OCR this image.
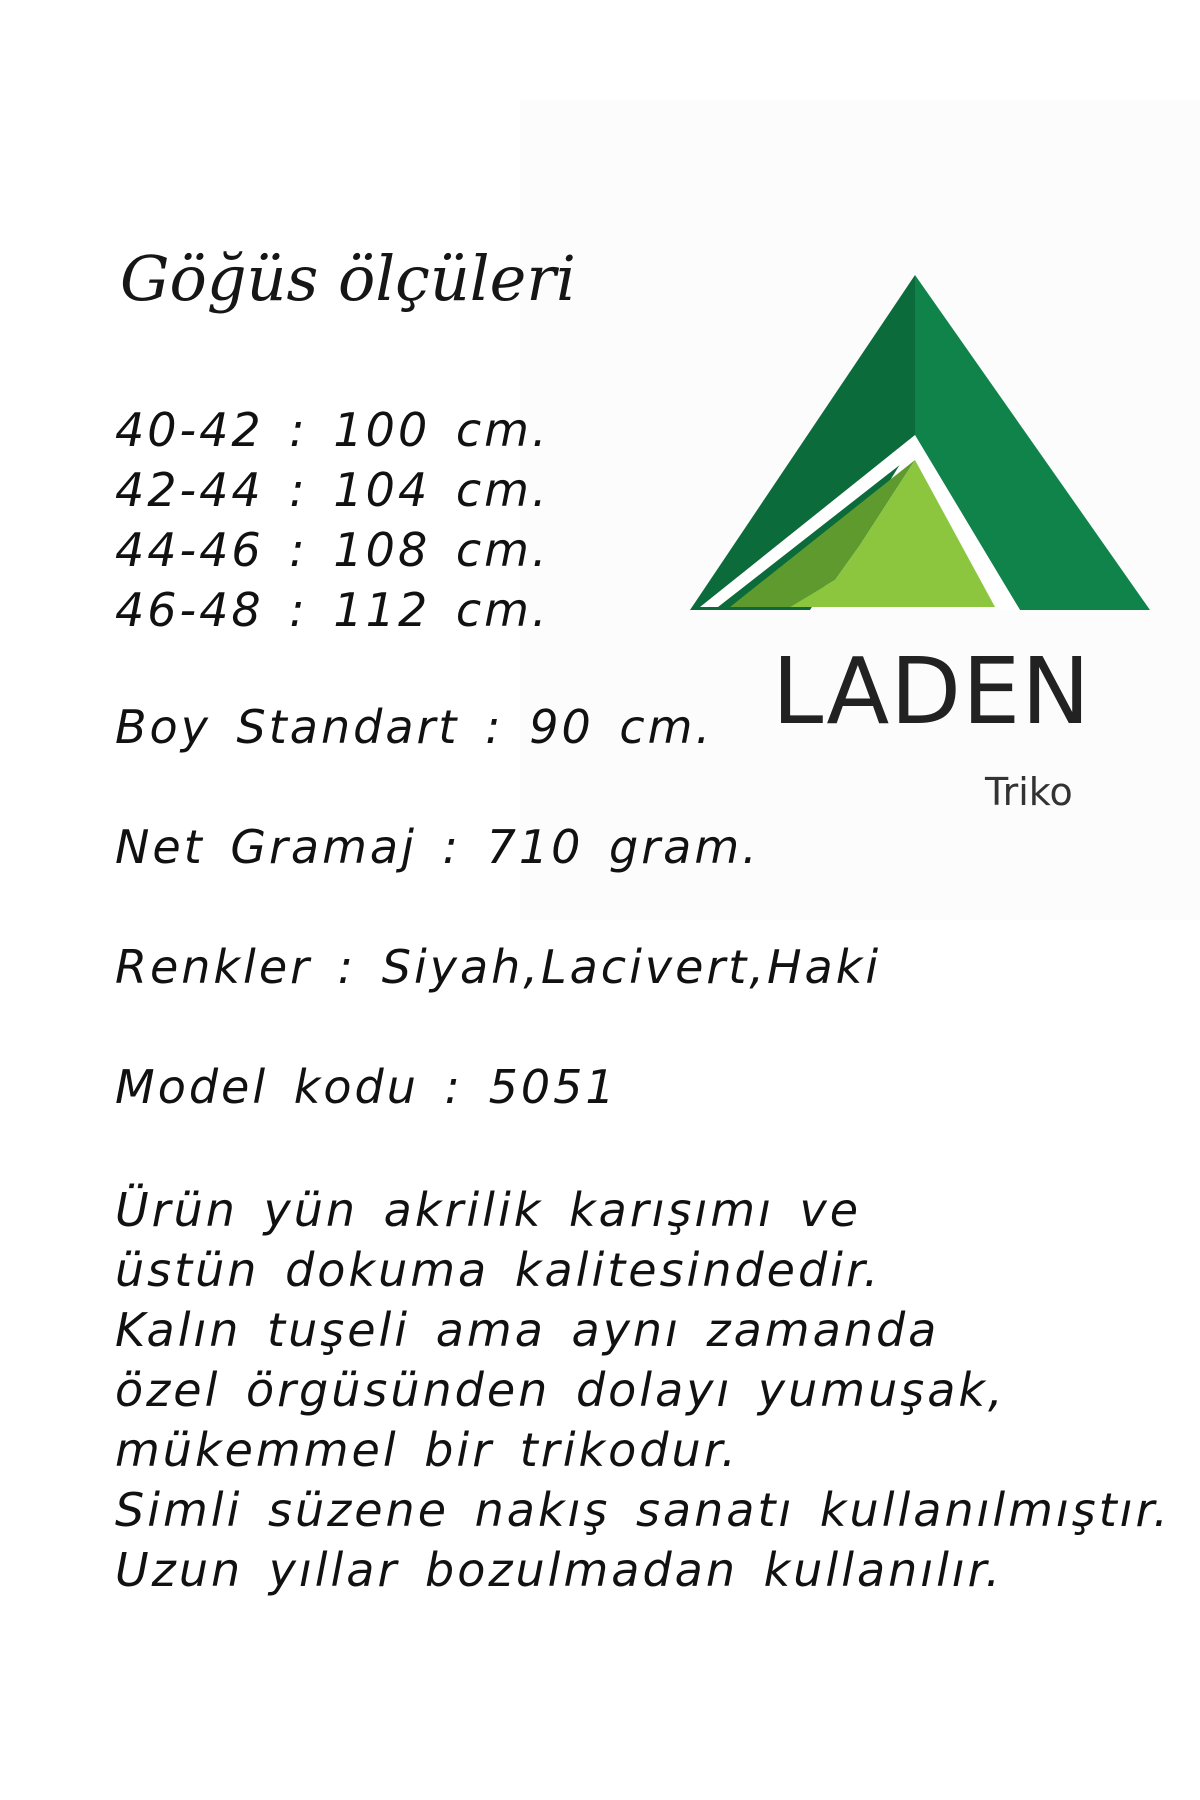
Göğüs ölçüleri
40-42 : 100 cm.
42-44 : 104 cm.
44-46 : 108 cm.
46-48 : 112 cm.
Boy Standart : 90 cm.
Net Gramaj : 710 gram.
Renkler : Siyah,Lacivert,Haki
Model kodu : 5051
Ürün yün akrilik karışımı ve
üstün dokuma kalitesindedir.
Kalın tuşeli ama aynı zamanda
özel örgüsünden dolayı yumuşak,
mükemmel bir trikodur.
Simli süzene nakış sanatı kullanılmıştır.
Uzun yıllar bozulmadan kullanılır.
LADEN
Triko
